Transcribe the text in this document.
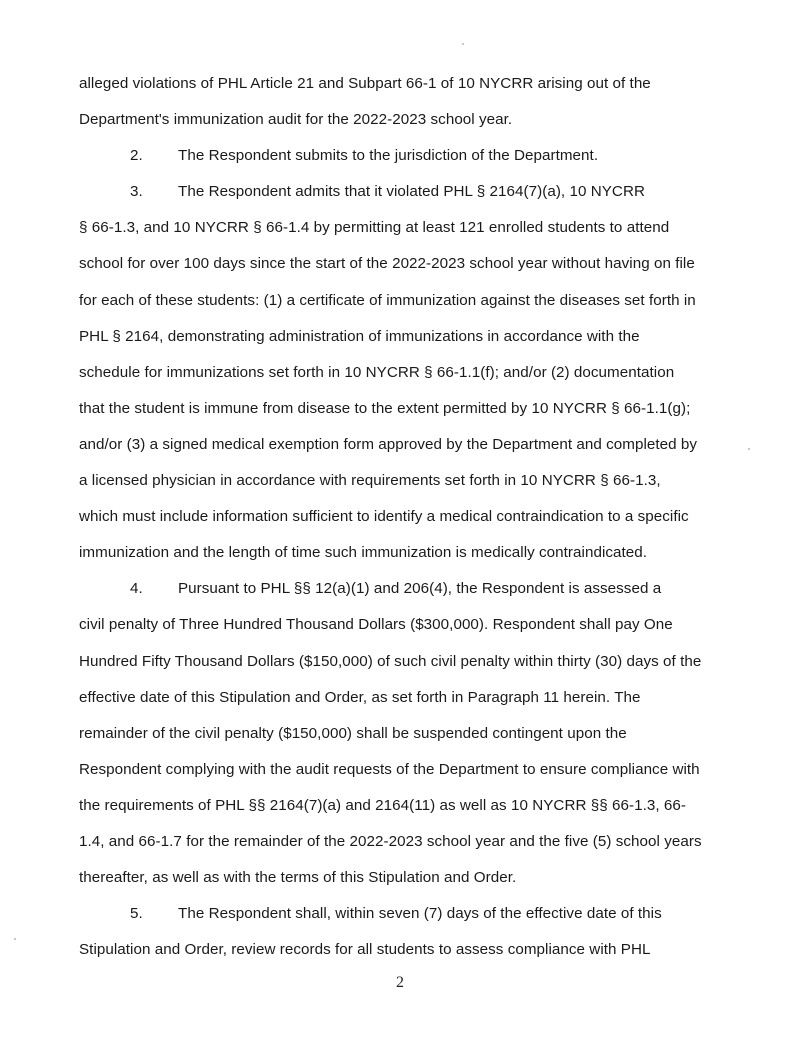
alleged violations of PHL Article 21 and Subpart 66-1 of 10 NYCRR arising out of the
Department's immunization audit for the 2022-2023 school year.
2. The Respondent submits to the jurisdiction of the Department.
3. The Respondent admits that it violated PHL § 2164(7)(a), 10 NYCRR
§ 66-1.3, and 10 NYCRR § 66-1.4 by permitting at least 121 enrolled students to attend
school for over 100 days since the start of the 2022-2023 school year without having on file
for each of these students: (1) a certificate of immunization against the diseases set forth in
PHL § 2164, demonstrating administration of immunizations in accordance with the
schedule for immunizations set forth in 10 NYCRR § 66-1.1(f); and/or (2) documentation
that the student is immune from disease to the extent permitted by 10 NYCRR § 66-1.1(g);
and/or (3) a signed medical exemption form approved by the Department and completed by
a licensed physician in accordance with requirements set forth in 10 NYCRR § 66-1.3,
which must include information sufficient to identify a medical contraindication to a specific
immunization and the length of time such immunization is medically contraindicated.
4. Pursuant to PHL §§ 12(a)(1) and 206(4), the Respondent is assessed a
civil penalty of Three Hundred Thousand Dollars ($300,000). Respondent shall pay One
Hundred Fifty Thousand Dollars ($150,000) of such civil penalty within thirty (30) days of the
effective date of this Stipulation and Order, as set forth in Paragraph 11 herein. The
remainder of the civil penalty ($150,000) shall be suspended contingent upon the
Respondent complying with the audit requests of the Department to ensure compliance with
the requirements of PHL §§ 2164(7)(a) and 2164(11) as well as 10 NYCRR §§ 66-1.3, 66-
1.4, and 66-1.7 for the remainder of the 2022-2023 school year and the five (5) school years
thereafter, as well as with the terms of this Stipulation and Order.
5. The Respondent shall, within seven (7) days of the effective date of this
Stipulation and Order, review records for all students to assess compliance with PHL
2
